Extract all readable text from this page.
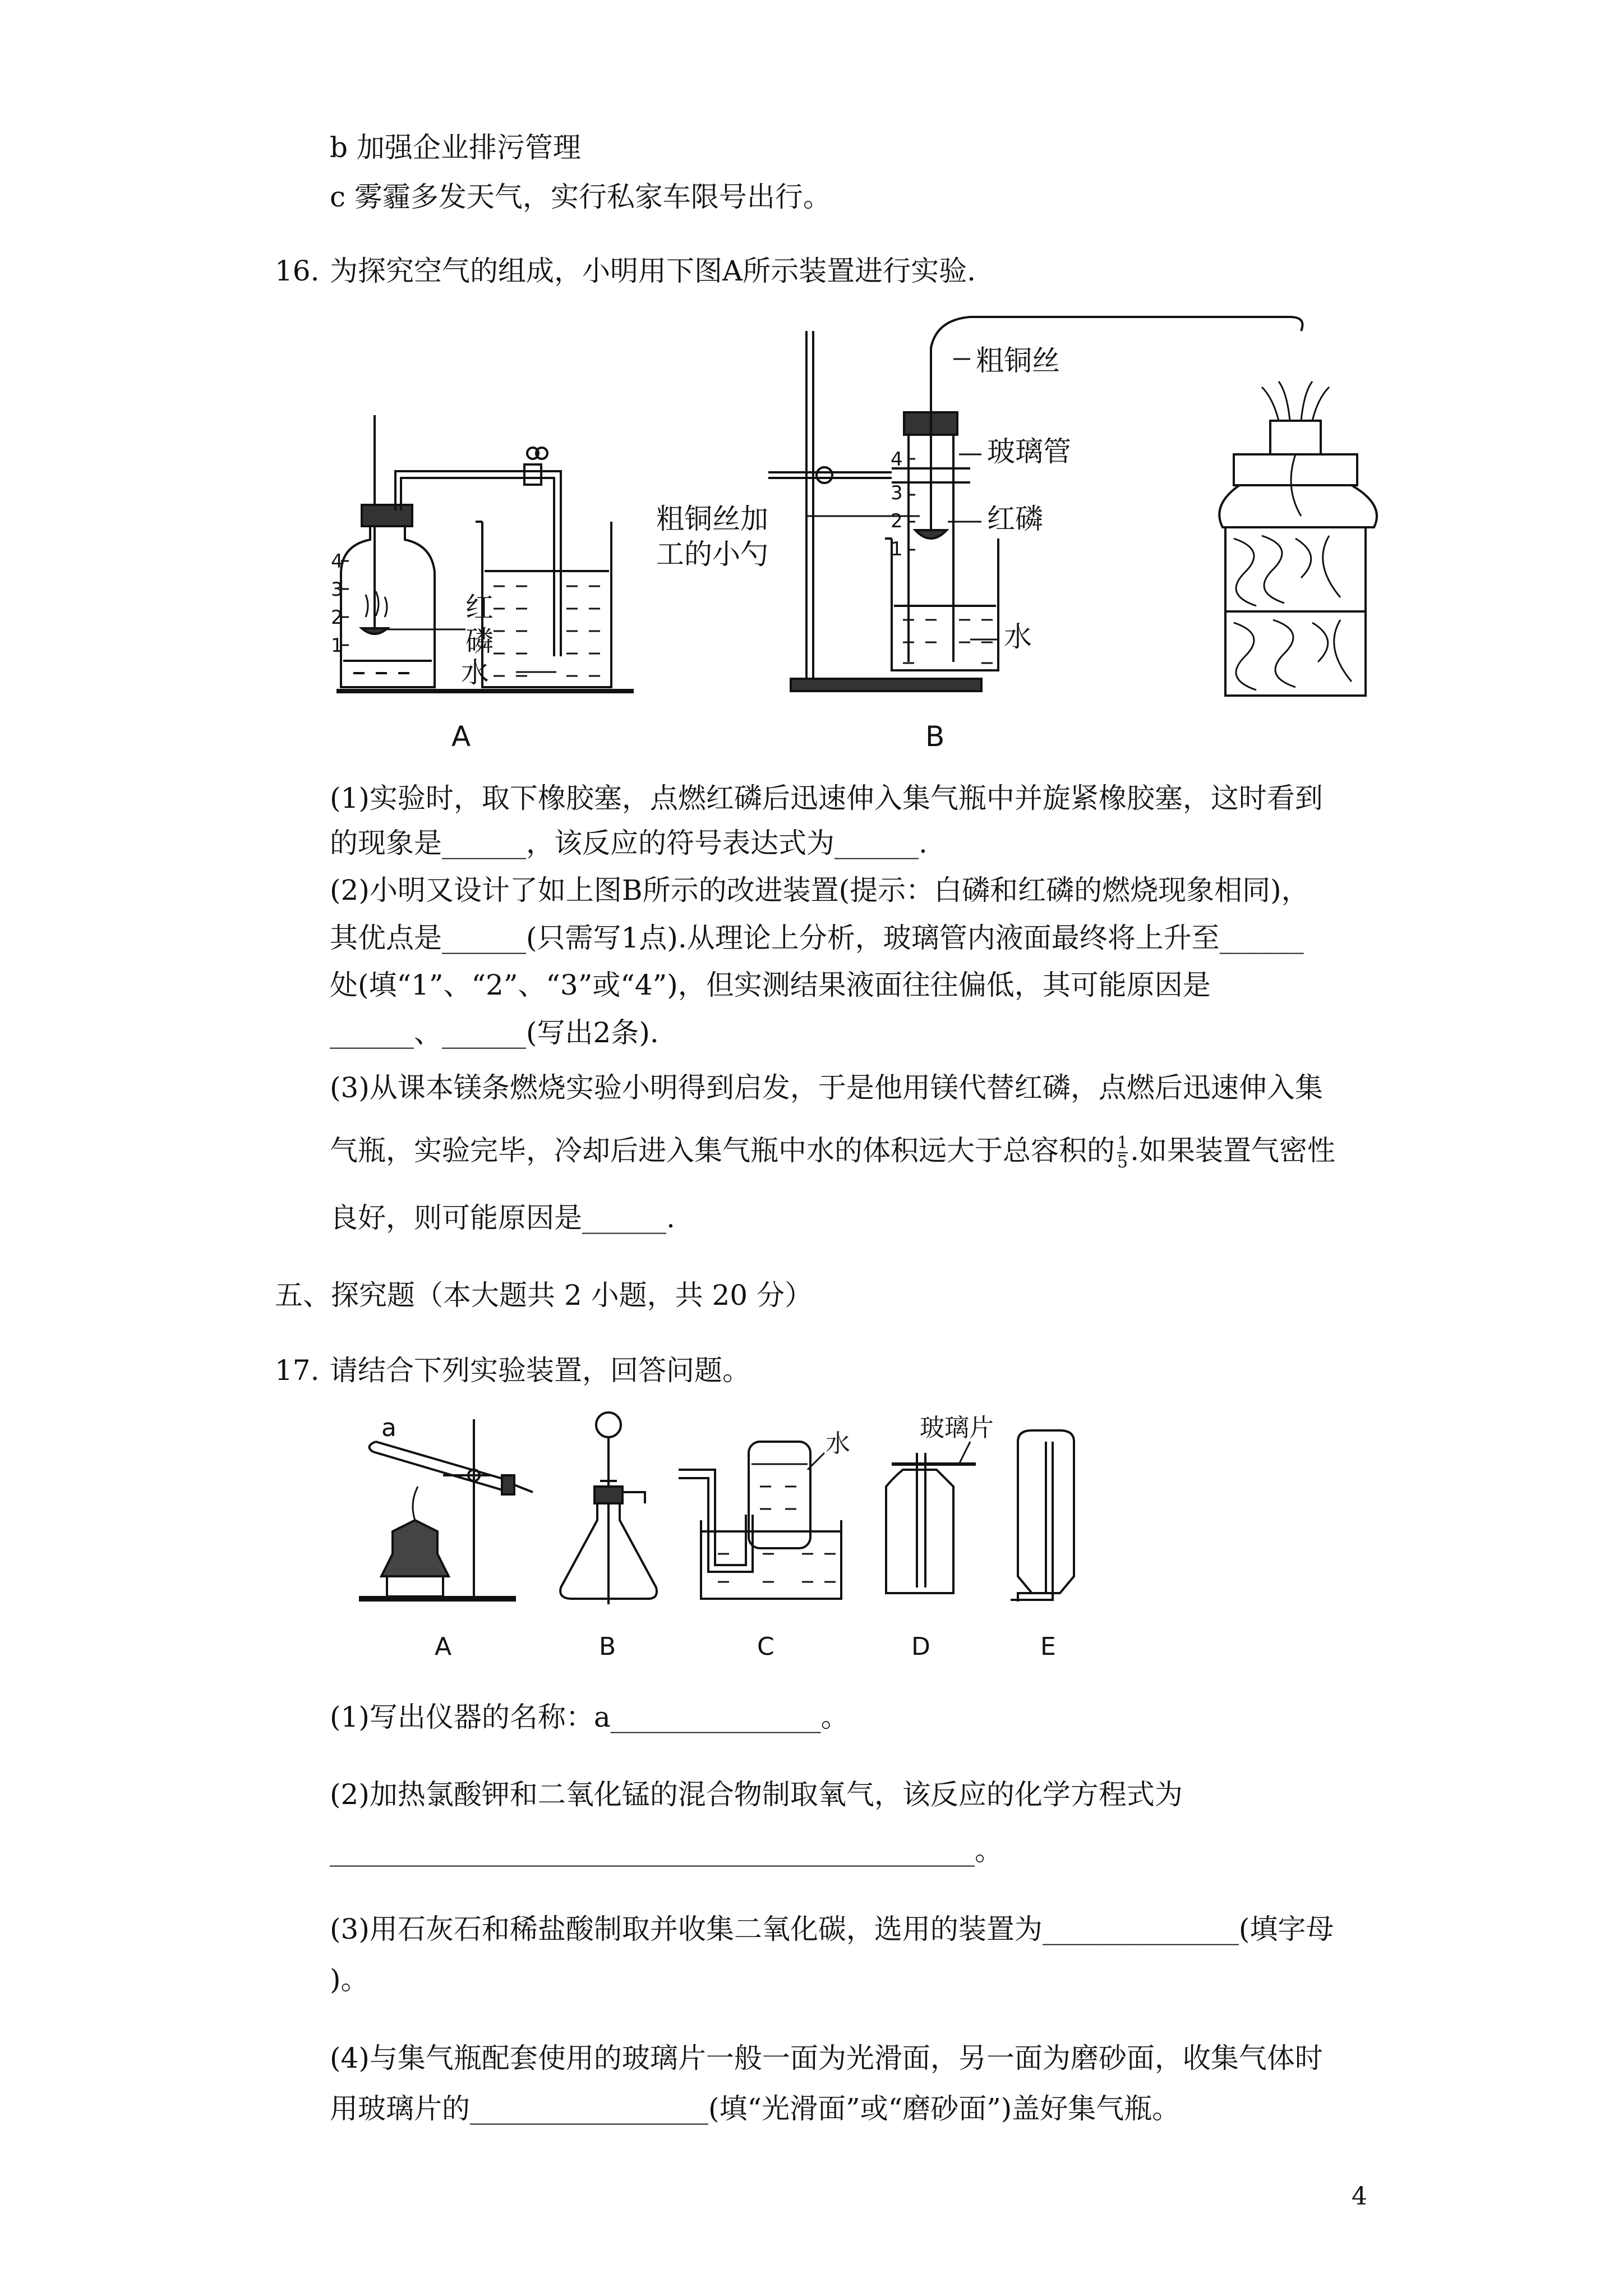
b 加强企业排污管理
c 雾霾多发天气，实行私家车限号出行。
16. 为探究空气的组成，小明用下图A所示装置进行实验.
4
3
2
1
红
磷
水
A
4
3
2
1
粗铜丝
玻璃管
红磷
粗铜丝加
工的小勺
水
B
(1)实验时，取下橡胶塞，点燃红磷后迅速伸入集气瓶中并旋紧橡胶塞，这时看到
的现象是______，该反应的符号表达式为______.
(2)小明又设计了如上图B所示的改进装置(提示：白磷和红磷的燃烧现象相同)，
其优点是______(只需写1点).从理论上分析，玻璃管内液面最终将上升至______
处(填“1”、“2”、“3”或“4”)，但实测结果液面往往偏低，其可能原因是
______、______(写出2条).
(3)从课本镁条燃烧实验小明得到启发，于是他用镁代替红磷，点燃后迅速伸入集
气瓶，实验完毕，冷却后进入集气瓶中水的体积远大于总容积的 $\frac{1}{5}$ .如果装置气密性
良好，则可能原因是______.
五、探究题（本大题共 2 小题，共 20 分）
17. 请结合下列实验装置，回答问题。
a
水
玻璃片
A	B	C	D	E
(1)写出仪器的名称：a_______________。
(2)加热氯酸钾和二氧化锰的混合物制取氧气，该反应的化学方程式为
______________________________________________。
(3)用石灰石和稀盐酸制取并收集二氧化碳，选用的装置为______________(填字母
)。
(4)与集气瓶配套使用的玻璃片一般一面为光滑面，另一面为磨砂面，收集气体时
用玻璃片的_________________(填“光滑面”或“磨砂面”)盖好集气瓶。
4
